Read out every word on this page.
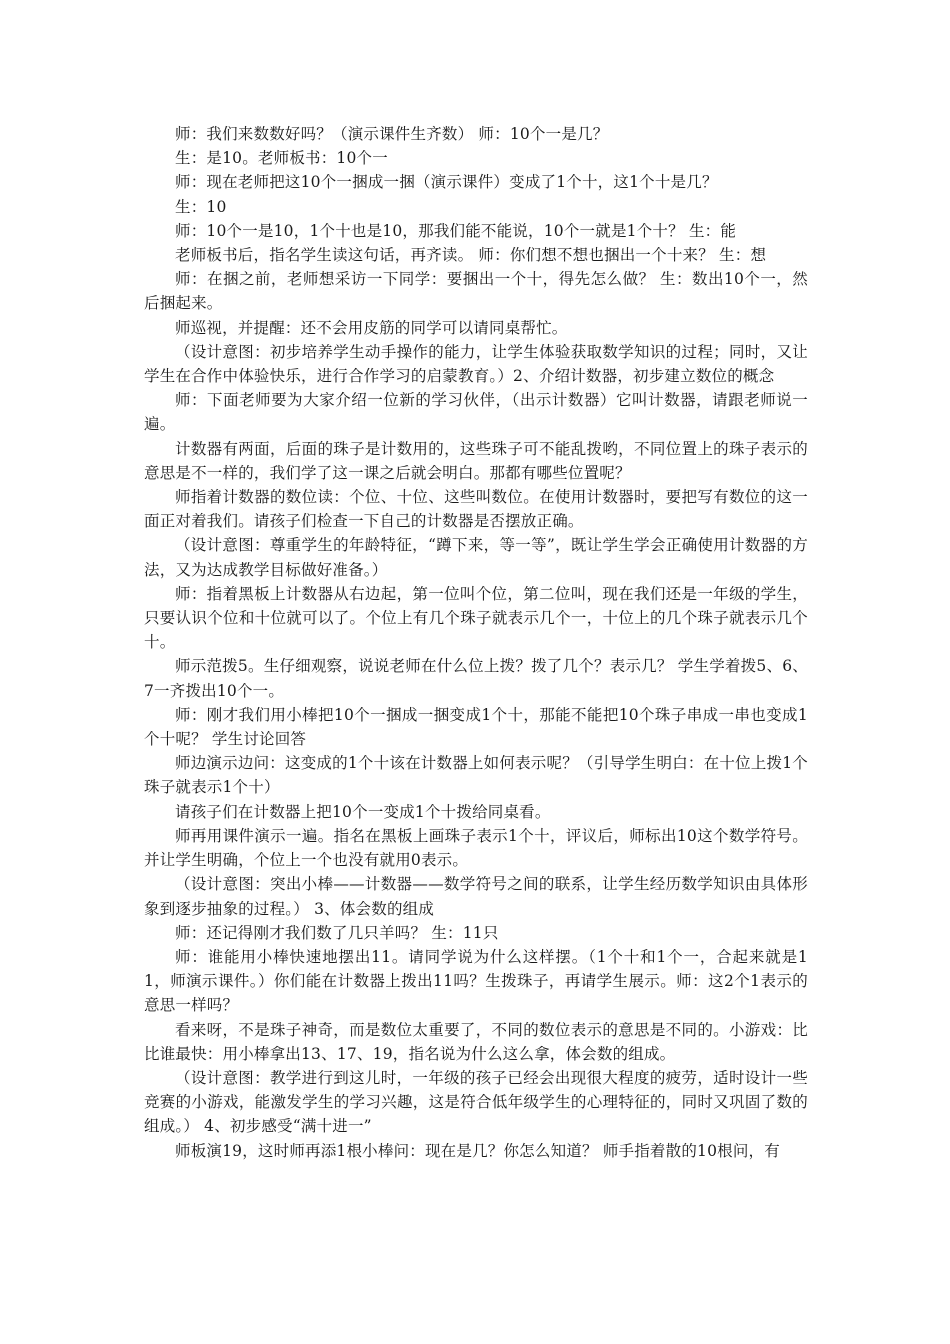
师：我们来数数好吗？（演示课件生齐数） 师：10个一是几？

生：是10。老师板书：10个一

师：现在老师把这10个一捆成一捆（演示课件）变成了1个十，这1个十是几？

生：10

师：10个一是10，1个十也是10，那我们能不能说，10个一就是1个十？ 生：能

老师板书后，指名学生读这句话，再齐读。 师：你们想不想也捆出一个十来？ 生：想

师：在捆之前，老师想采访一下同学：要捆出一个十，得先怎么做？ 生：数出10个一，然后捆起来。

师巡视，并提醒：还不会用皮筋的同学可以请同桌帮忙。

（设计意图：初步培养学生动手操作的能力，让学生体验获取数学知识的过程；同时，又让学生在合作中体验快乐，进行合作学习的启蒙教育。）2、介绍计数器，初步建立数位的概念

师：下面老师要为大家介绍一位新的学习伙伴，（出示计数器）它叫计数器，请跟老师说一遍。

计数器有两面，后面的珠子是计数用的，这些珠子可不能乱拨哟，不同位置上的珠子表示的意思是不一样的，我们学了这一课之后就会明白。那都有哪些位置呢？

师指着计数器的数位读：个位、十位、这些叫数位。在使用计数器时，要把写有数位的这一面正对着我们。请孩子们检查一下自己的计数器是否摆放正确。

（设计意图：尊重学生的年龄特征，“蹲下来，等一等”，既让学生学会正确使用计数器的方法，又为达成教学目标做好准备。）

师：指着黑板上计数器从右边起，第一位叫个位，第二位叫，现在我们还是一年级的学生，只要认识个位和十位就可以了。个位上有几个珠子就表示几个一，十位上的几个珠子就表示几个十。

师示范拨5。生仔细观察，说说老师在什么位上拨？拨了几个？表示几？ 学生学着拨5、6、7一齐拨出10个一。

师：刚才我们用小棒把10个一捆成一捆变成1个十，那能不能把10个珠子串成一串也变成1个十呢？ 学生讨论回答

师边演示边问：这变成的1个十该在计数器上如何表示呢？（引导学生明白：在十位上拨1个珠子就表示1个十）

请孩子们在计数器上把10个一变成1个十拨给同桌看。

师再用课件演示一遍。指名在黑板上画珠子表示1个十，评议后，师标出10这个数学符号。并让学生明确，个位上一个也没有就用0表示。

（设计意图：突出小棒——计数器——数学符号之间的联系，让学生经历数学知识由具体形象到逐步抽象的过程。） 3、体会数的组成

师：还记得刚才我们数了几只羊吗？ 生：11只

师：谁能用小棒快速地摆出11。请同学说为什么这样摆。（1个十和1个一，合起来就是11，师演示课件。）你们能在计数器上拨出11吗？生拨珠子，再请学生展示。师：这2个1表示的意思一样吗？

看来呀，不是珠子神奇，而是数位太重要了，不同的数位表示的意思是不同的。小游戏：比比谁最快：用小棒拿出13、17、19，指名说为什么这么拿，体会数的组成。

（设计意图：教学进行到这儿时，一年级的孩子已经会出现很大程度的疲劳，适时设计一些竞赛的小游戏，能激发学生的学习兴趣，这是符合低年级学生的心理特征的，同时又巩固了数的组成。） 4、初步感受“满十进一”

师板演19，这时师再添1根小棒问：现在是几？你怎么知道？ 师手指着散的10根问，有
